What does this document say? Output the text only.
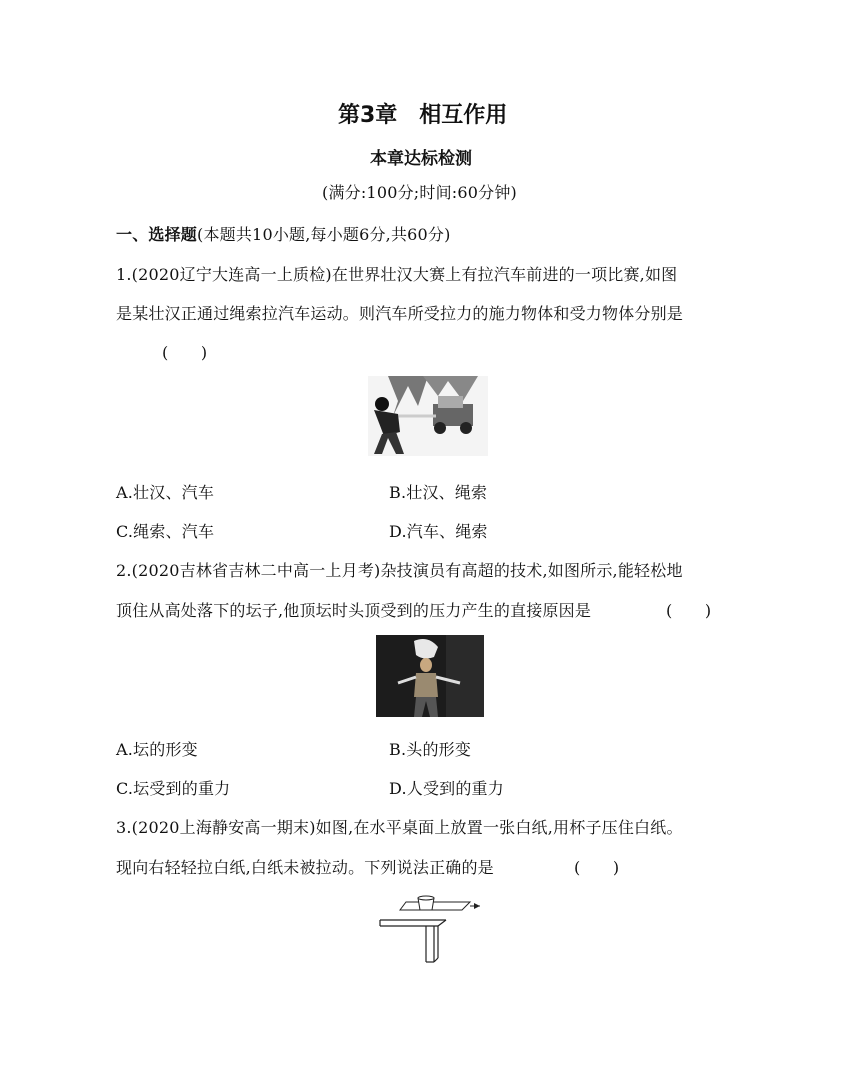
第3章　相互作用
本章达标检测
(满分:100分;时间:60分钟)
一、选择题(本题共10小题,每小题6分,共60分)
1.(2020辽宁大连高一上质检)在世界壮汉大赛上有拉汽车前进的一项比赛,如图
是某壮汉正通过绳索拉汽车运动。则汽车所受拉力的施力物体和受力物体分别是
(　　)
A.壮汉、汽车	B.壮汉、绳索
C.绳索、汽车	D.汽车、绳索
2.(2020吉林省吉林二中高一上月考)杂技演员有高超的技术,如图所示,能轻松地
顶住从高处落下的坛子,他顶坛时头顶受到的压力产生的直接原因是	(　　)
A.坛的形变	B.头的形变
C.坛受到的重力	D.人受到的重力
3.(2020上海静安高一期末)如图,在水平桌面上放置一张白纸,用杯子压住白纸。
现向右轻轻拉白纸,白纸未被拉动。下列说法正确的是	(　　)
